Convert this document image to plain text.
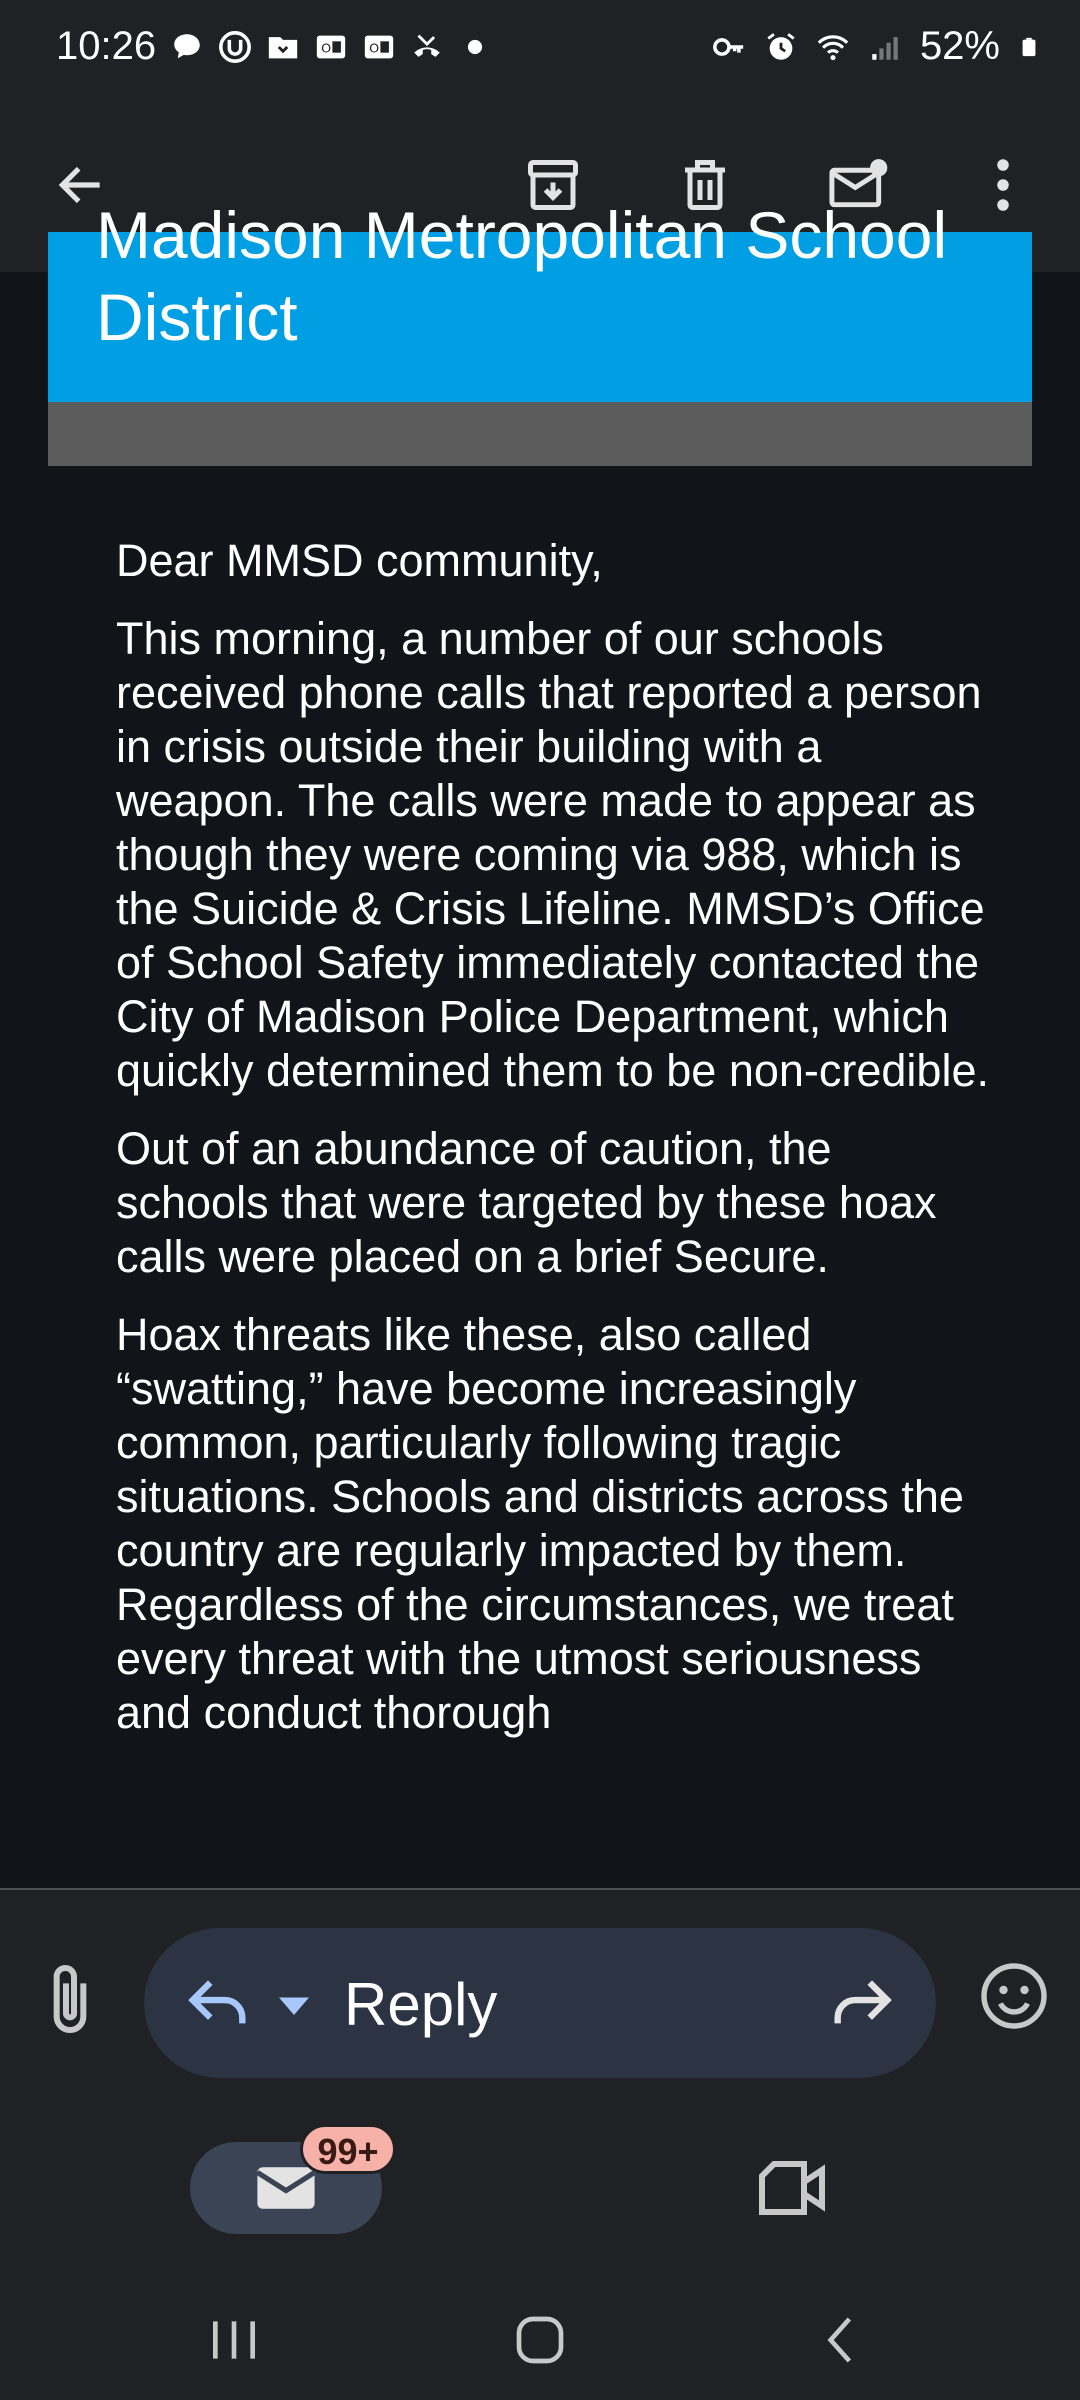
10:26	O	O	52%
Madison Metropolitan School District

Dear MMSD community,

This morning, a number of our schools received phone calls that reported a person in crisis outside their building with a weapon. The calls were made to appear as though they were coming via 988, which is the Suicide & Crisis Lifeline. MMSD’s Office of School Safety immediately contacted the City of Madison Police Department, which quickly determined them to be non-credible.

Out of an abundance of caution, the schools that were targeted by these hoax calls were placed on a brief Secure.

Hoax threats like these, also called “swatting,” have become increasingly common, particularly following tragic situations. Schools and districts across the country are regularly impacted by them. Regardless of the circumstances, we treat every threat with the utmost seriousness and conduct thorough

Reply
99+
